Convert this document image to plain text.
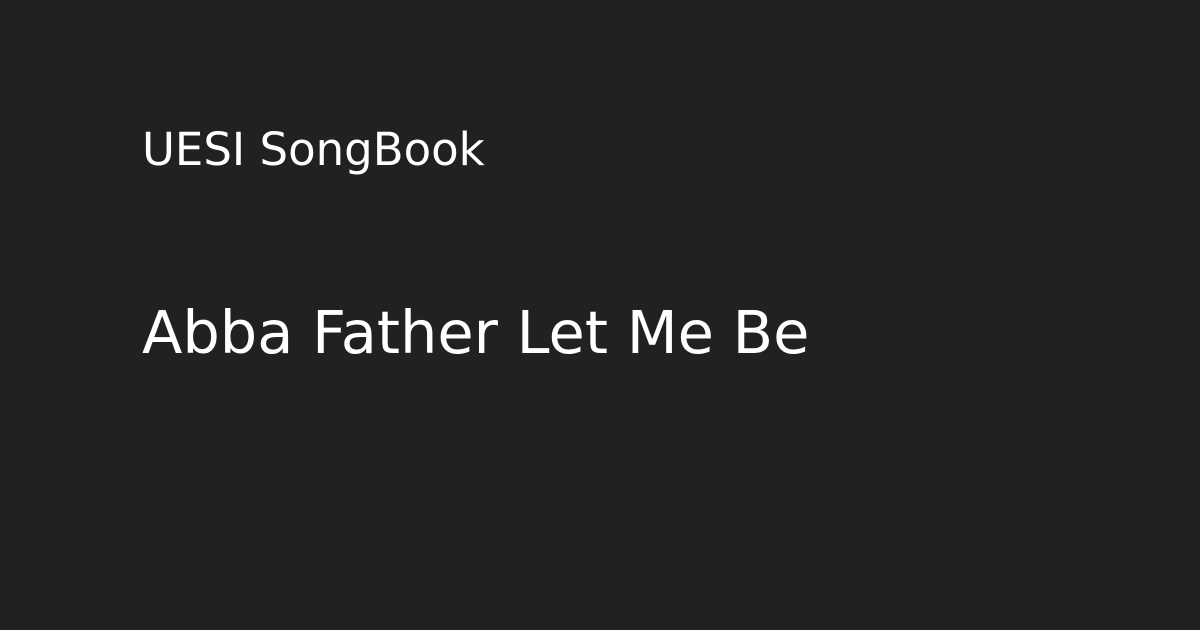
UESI SongBook
Abba Father Let Me Be
